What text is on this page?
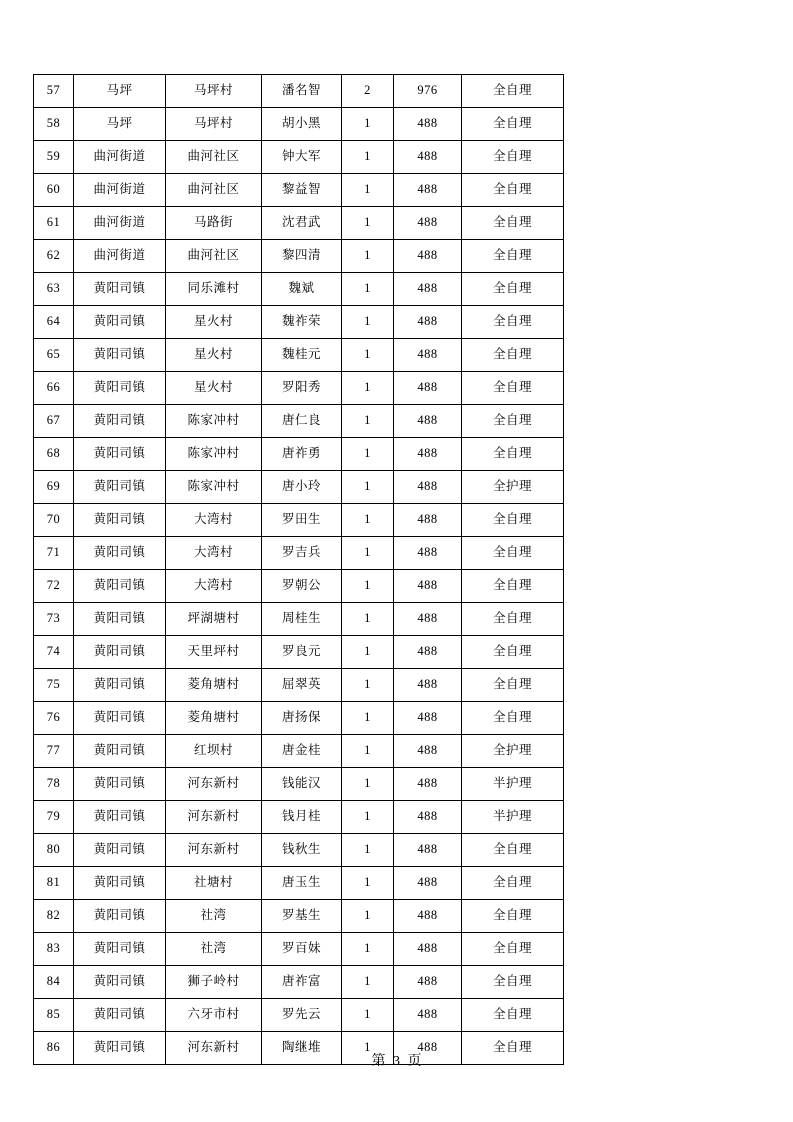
57	马坪	马坪村	潘名智	2	976	全自理
58	马坪	马坪村	胡小黑	1	488	全自理
59	曲河街道	曲河社区	钟大军	1	488	全自理
60	曲河街道	曲河社区	黎益智	1	488	全自理
61	曲河街道	马路街	沈君武	1	488	全自理
62	曲河街道	曲河社区	黎四清	1	488	全自理
63	黄阳司镇	同乐滩村	魏斌	1	488	全自理
64	黄阳司镇	星火村	魏祚荣	1	488	全自理
65	黄阳司镇	星火村	魏桂元	1	488	全自理
66	黄阳司镇	星火村	罗阳秀	1	488	全自理
67	黄阳司镇	陈家冲村	唐仁良	1	488	全自理
68	黄阳司镇	陈家冲村	唐祚勇	1	488	全自理
69	黄阳司镇	陈家冲村	唐小玲	1	488	全护理
70	黄阳司镇	大湾村	罗田生	1	488	全自理
71	黄阳司镇	大湾村	罗吉兵	1	488	全自理
72	黄阳司镇	大湾村	罗朝公	1	488	全自理
73	黄阳司镇	坪湖塘村	周桂生	1	488	全自理
74	黄阳司镇	天里坪村	罗良元	1	488	全自理
75	黄阳司镇	菱角塘村	屈翠英	1	488	全自理
76	黄阳司镇	菱角塘村	唐扬保	1	488	全自理
77	黄阳司镇	红坝村	唐金桂	1	488	全护理
78	黄阳司镇	河东新村	钱能汉	1	488	半护理
79	黄阳司镇	河东新村	钱月桂	1	488	半护理
80	黄阳司镇	河东新村	钱秋生	1	488	全自理
81	黄阳司镇	社塘村	唐玉生	1	488	全自理
82	黄阳司镇	社湾	罗基生	1	488	全自理
83	黄阳司镇	社湾	罗百妹	1	488	全自理
84	黄阳司镇	狮子岭村	唐祚富	1	488	全自理
85	黄阳司镇	六牙市村	罗先云	1	488	全自理
86	黄阳司镇	河东新村	陶继堆	1	488	全自理
第 3 页
